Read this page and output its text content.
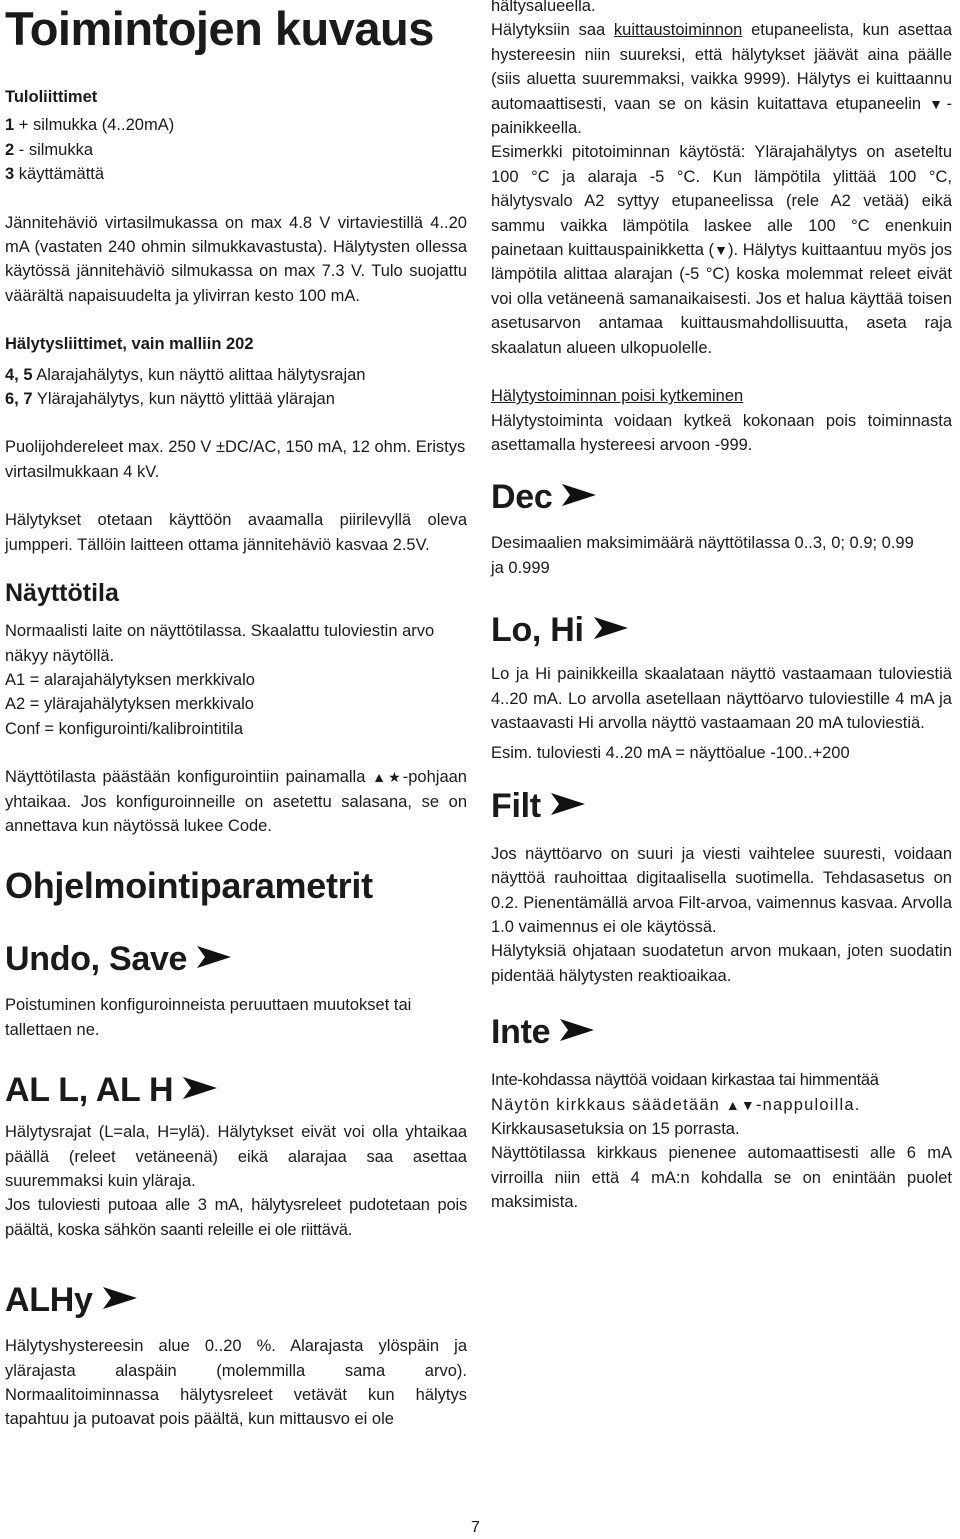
Toimintojen kuvaus

Tuloliittimet

1 + silmukka (4..20mA)

2 - silmukka

3 käyttämättä

Jännitehäviö virtasilmukassa on max 4.8 V virtaviestillä 4..20 mA (vastaten 240 ohmin silmukkavastusta). Hälytysten ollessa käytössä jännitehäviö silmukassa on max 7.3 V. Tulo suojattu väärältä napaisuudelta ja ylivirran kesto 100 mA.

Hälytysliittimet, vain malliin 202

4, 5 Alarajahälytys, kun näyttö alittaa hälytysrajan

6, 7 Ylärajahälytys, kun näyttö ylittää ylärajan

Puolijohdereleet max. 250 V ±DC/AC, 150 mA, 12 ohm. Eristys virtasilmukkaan 4 kV.

Hälytykset otetaan käyttöön avaamalla piirilevyllä oleva jumpperi. Tällöin laitteen ottama jännitehäviö kasvaa 2.5V.

Näyttötila

Normaalisti laite on näyttötilassa. Skaalattu tuloviestin arvo näkyy näytöllä.

A1 = alarajahälytyksen merkkivalo

A2 = ylärajahälytyksen merkkivalo

Conf = konfigurointi/kalibrointitila

Näyttötilasta päästään konfigurointiin painamalla ▲★-pohjaan yhtaikaa. Jos konfiguroinneille on asetettu salasana, se on annettava kun näytössä lukee Code.

Ohjelmointiparametrit
Undo, Save

Poistuminen konfiguroinneista peruuttaen muutokset tai tallettaen ne.

AL L, AL H

Hälytysrajat (L=ala, H=ylä). Hälytykset eivät voi olla yhtaikaa päällä (releet vetäneenä) eikä alarajaa saa asettaa suuremmaksi kuin yläraja.

Jos tuloviesti putoaa alle 3 mA, hälytysreleet pudotetaan pois päältä, koska sähkön saanti releille ei ole riittävä.

ALHy

Hälytyshystereesin alue 0..20 %. Alarajasta ylöspäin ja ylärajasta alaspäin (molemmilla sama arvo). Normaalitoiminnassa hälytysreleet vetävät kun hälytys tapahtuu ja putoavat pois päältä, kun mittausvo ei ole

hältysalueella.

Hälytyksiin saa kuittaustoiminnon etupaneelista, kun asettaa hystereesin niin suureksi, että hälytykset jäävät aina päälle (siis aluetta suuremmaksi, vaikka 9999). Hälytys ei kuittaannu automaattisesti, vaan se on käsin kuitattava etupaneelin ▼-painikkeella.

Esimerkki pitotoiminnan käytöstä: Ylärajahälytys on aseteltu 100 °C ja alaraja -5 °C. Kun lämpötila ylittää 100 °C, hälytysvalo A2 syttyy etupaneelissa (rele A2 vetää) eikä sammu vaikka lämpötila laskee alle 100 °C enenkuin painetaan kuittauspainikketta (▼). Hälytys kuittaantuu myös jos lämpötila alittaa alarajan (-5 °C) koska molemmat releet eivät voi olla vetäneenä samanaikaisesti. Jos et halua käyttää toisen asetusarvon antamaa kuittausmahdollisuutta, aseta raja skaalatun alueen ulkopuolelle.

Hälytystoiminnan poisi kytkeminen

Hälytystoiminta voidaan kytkeä kokonaan pois toiminnasta asettamalla hystereesi arvoon -999.

Dec

Desimaalien maksimimäärä näyttötilassa 0..3, 0; 0.9; 0.99 ja 0.999

Lo, Hi

Lo ja Hi painikkeilla skaalataan näyttö vastaamaan tuloviestiä 4..20 mA. Lo arvolla asetellaan näyttöarvo tuloviestille 4 mA ja vastaavasti Hi arvolla näyttö vastaamaan 20 mA tuloviestiä.

Esim. tuloviesti 4..20 mA = näyttöalue -100..+200

Filt

Jos näyttöarvo on suuri ja viesti vaihtelee suuresti, voidaan näyttöä rauhoittaa digitaalisella suotimella. Tehdasasetus on 0.2. Pienentämällä arvoa Filt-arvoa, vaimennus kasvaa. Arvolla 1.0 vaimennus ei ole käytössä.

Hälytyksiä ohjataan suodatetun arvon mukaan, joten suodatin pidentää hälytysten reaktioaikaa.

Inte

Inte-kohdassa näyttöä voidaan kirkastaa tai himmentää

Näytön kirkkaus säädetään ▲▼-nappuloilla.

Kirkkausasetuksia on 15 porrasta.

Näyttötilassa kirkkaus pienenee automaattisesti alle 6 mA virroilla niin että 4 mA:n kohdalla se on enintään puolet maksimista.

7
